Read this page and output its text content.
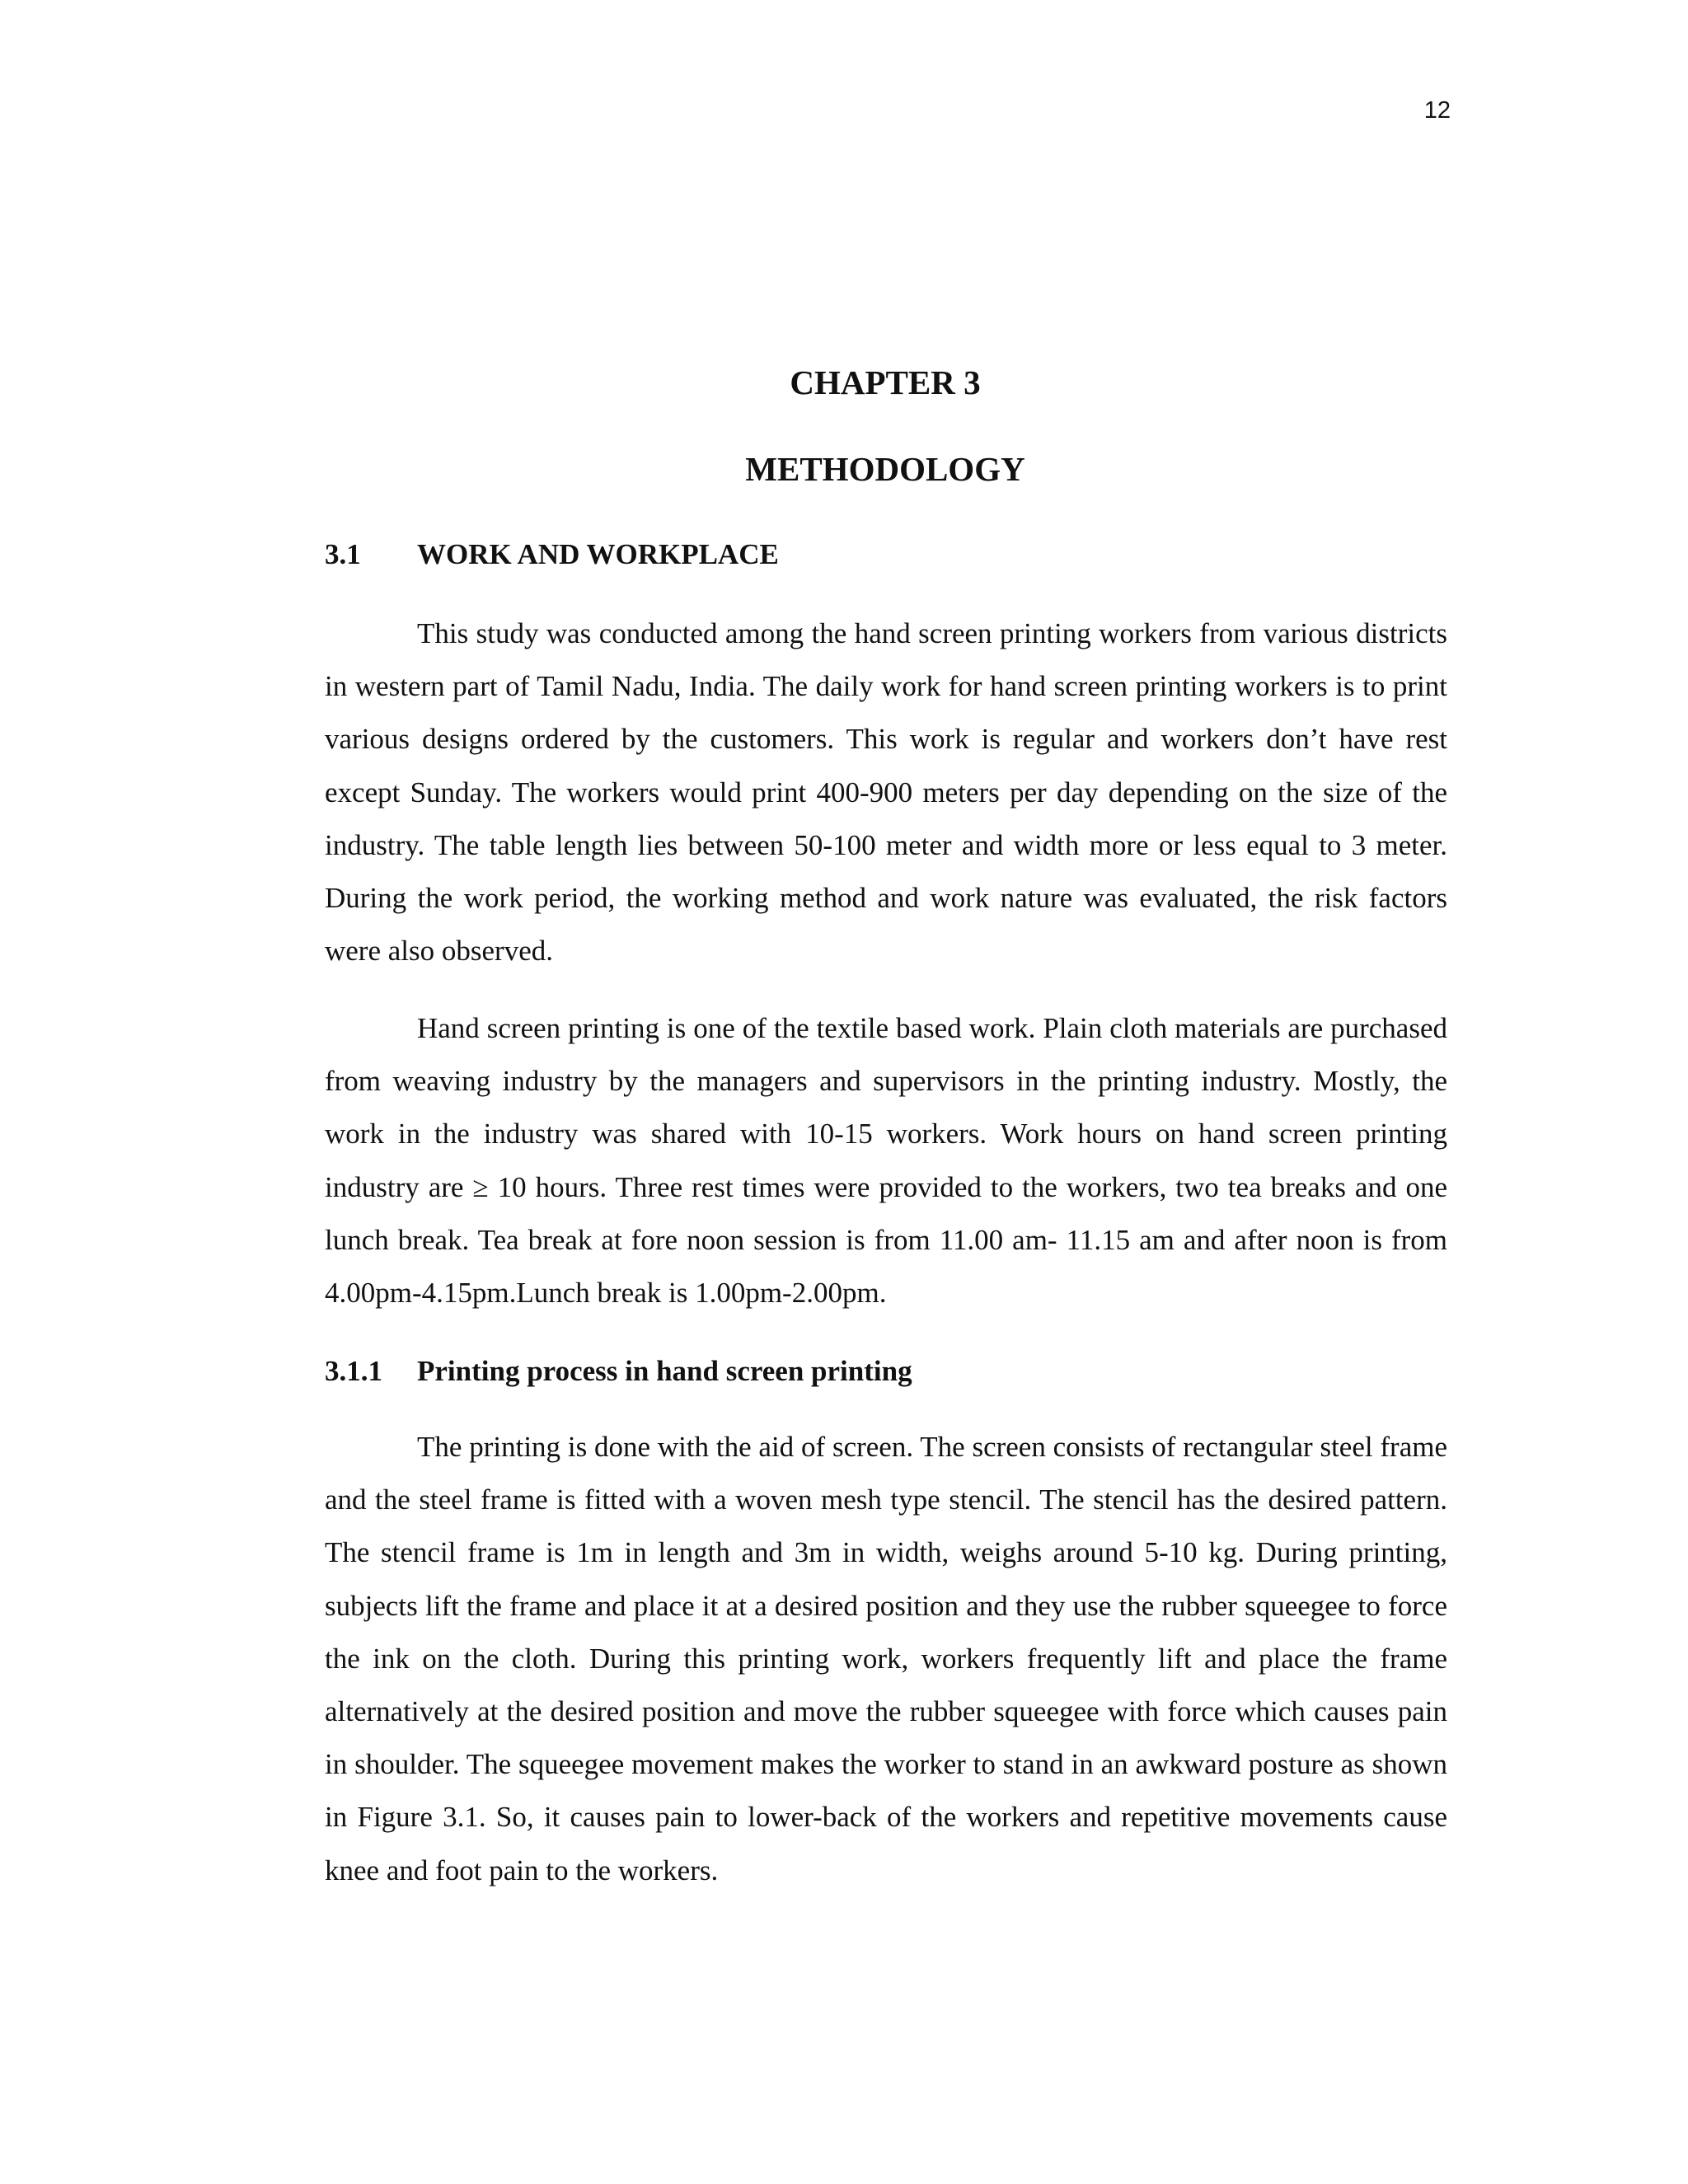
12
CHAPTER 3
METHODOLOGY
3.1 WORK AND WORKPLACE

This study was conducted among the hand screen printing workers from various districts in western part of Tamil Nadu, India. The daily work for hand screen printing workers is to print various designs ordered by the customers. This work is regular and workers don’t have rest except Sunday. The workers would print 400-900 meters per day depending on the size of the industry. The table length lies between 50-100 meter and width more or less equal to 3 meter. During the work period, the working method and work nature was evaluated, the risk factors were also observed.

Hand screen printing is one of the textile based work. Plain cloth materials are purchased from weaving industry by the managers and supervisors in the printing industry. Mostly, the work in the industry was shared with 10-15 workers. Work hours on hand screen printing industry are ≥ 10 hours. Three rest times were provided to the workers, two tea breaks and one lunch break. Tea break at fore noon session is from 11.00 am- 11.15 am and after noon is from 4.00pm-4.15pm.Lunch break is 1.00pm-2.00pm.

3.1.1 Printing process in hand screen printing

The printing is done with the aid of screen. The screen consists of rectangular steel frame and the steel frame is fitted with a woven mesh type stencil. The stencil has the desired pattern. The stencil frame is 1m in length and 3m in width, weighs around 5-10 kg. During printing, subjects lift the frame and place it at a desired position and they use the rubber squeegee to force the ink on the cloth. During this printing work, workers frequently lift and place the frame alternatively at the desired position and move the rubber squeegee with force which causes pain in shoulder. The squeegee movement makes the worker to stand in an awkward posture as shown in Figure 3.1. So, it causes pain to lower-back of the workers and repetitive movements cause knee and foot pain to the workers.
